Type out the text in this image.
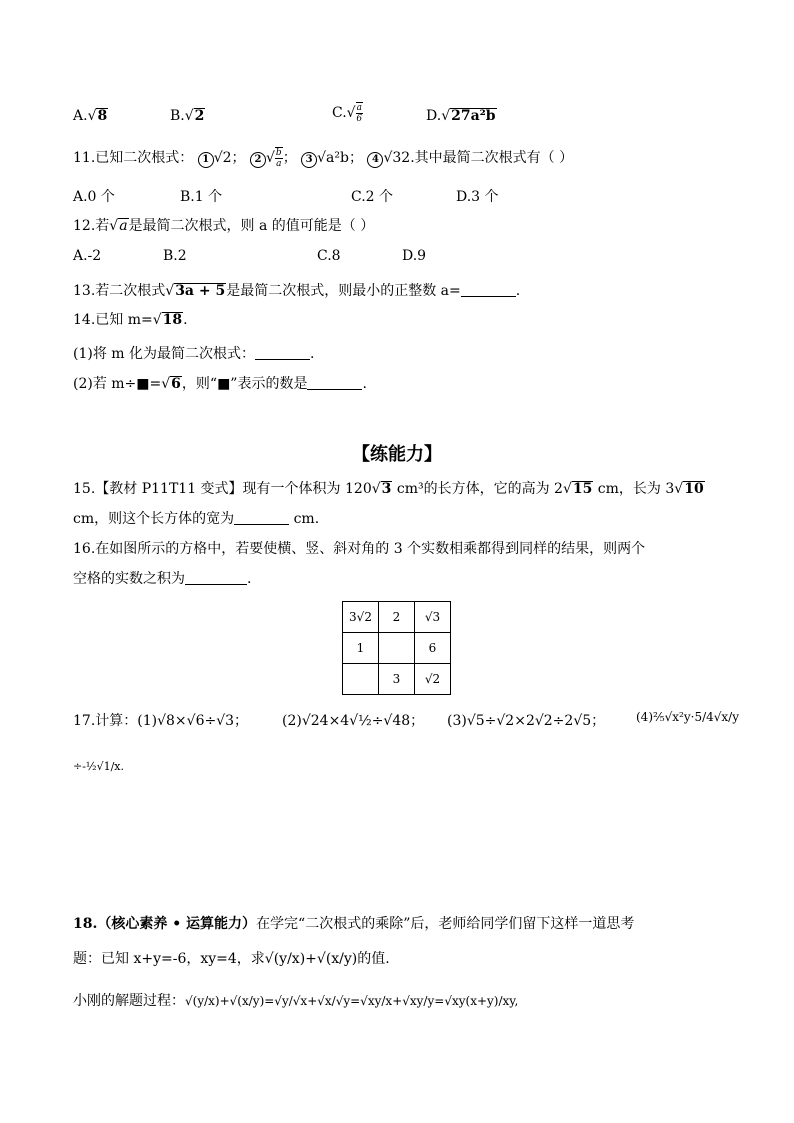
A.√8	B.√2	$C.√ \frac{a}{6}$	D.√27a²b
11.已知二次根式： 1 √2； 2 √ $\frac{b}{a}$ ； 3 √a²b； 4 √32.其中最简二次根式有（ ）
A.0 个	B.1 个	C.2 个	D.3 个
12.若√a是最简二次根式，则 a 的值可能是（ ）
A.-2	B.2	C.8	D.9
13.若二次根式√3a + 5是最简二次根式，则最小的正整数 a=	.
14.已知 m=√18.
(1)将 m 化为最简二次根式：	.
(2)若 m÷■=√6，则“■”表示的数是	.
【练能力】
15.【教材 P11T11 变式】现有一个体积为 120√3 cm³的长方体，它的高为 2√15 cm，长为 3√10
cm，则这个长方体的宽为	cm.
16.在如图所示的方格中，若要使横、竖、斜对角的 3 个实数相乘都得到同样的结果，则两个
空格的实数之积为	.
3√2	2	√3
1		6
	3	√2
17.计算：(1)√8×√6÷√3； (2)√24×4√½÷√48； (3)√5÷√2×2√2÷2√5；	(4)⅖√x²y·5/4√x/y
÷-½√1/x.
18.（核心素养 • 运算能力）在学完“二次根式的乘除”后，老师给同学们留下这样一道思考
题：已知 x+y=-6，xy=4，求√(y/x)+√(x/y)的值.
小刚的解题过程：√(y/x)+√(x/y)=√y/√x+√x/√y=√xy/x+√xy/y=√xy(x+y)/xy,
